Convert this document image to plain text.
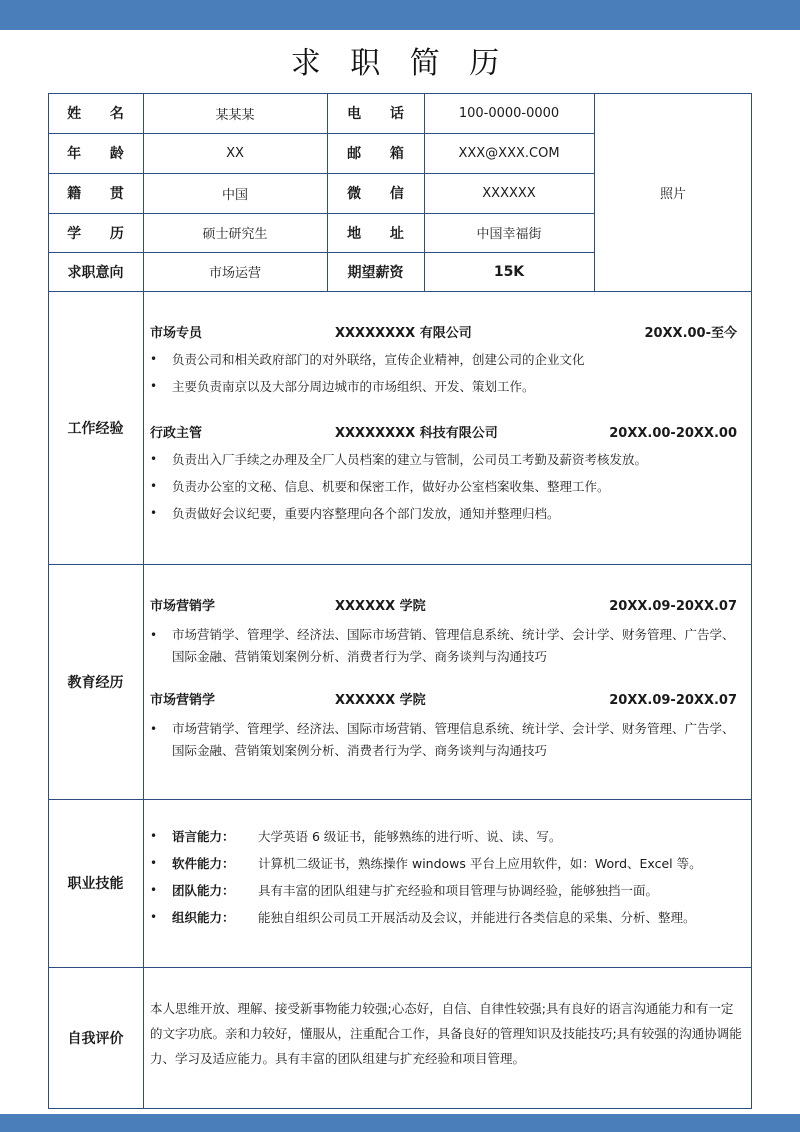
求 职 简 历
姓 名	某某某	电 话	100-0000-0000
年 龄	XX	邮 箱	XXX@XXX.COM
籍 贯	中国	微 信	XXXXXX
学 历	硕士研究生	地 址	中国幸福街
求职意向	市场运营	期望薪资	15K
照片
工作经验
市场专员	XXXXXXXX 有限公司	20XX.00-至今
• 负责公司和相关政府部门的对外联络，宣传企业精神，创建公司的企业文化
• 主要负责南京以及大部分周边城市的市场组织、开发、策划工作。
行政主管	XXXXXXXX 科技有限公司	20XX.00-20XX.00
• 负责出入厂手续之办理及全厂人员档案的建立与管制，公司员工考勤及薪资考核发放。
• 负责办公室的文秘、信息、机要和保密工作，做好办公室档案收集、整理工作。
• 负责做好会议纪要，重要内容整理向各个部门发放，通知并整理归档。
教育经历
市场营销学	XXXXXX 学院	20XX.09-20XX.07
• 市场营销学、管理学、经济法、国际市场营销、管理信息系统、统计学、会计学、财务管理、广告学、国际金融、营销策划案例分析、消费者行为学、商务谈判与沟通技巧
市场营销学	XXXXXX 学院	20XX.09-20XX.07
• 市场营销学、管理学、经济法、国际市场营销、管理信息系统、统计学、会计学、财务管理、广告学、国际金融、营销策划案例分析、消费者行为学、商务谈判与沟通技巧
职业技能
• 语言能力： 大学英语 6 级证书，能够熟练的进行听、说、读、写。
• 软件能力： 计算机二级证书，熟练操作 windows 平台上应用软件，如：Word、Excel 等。
• 团队能力： 具有丰富的团队组建与扩充经验和项目管理与协调经验，能够独挡一面。
• 组织能力： 能独自组织公司员工开展活动及会议，并能进行各类信息的采集、分析、整理。
自我评价
本人思维开放、理解、接受新事物能力较强;心态好，自信、自律性较强;具有良好的语言沟通能力和有一定的文字功底。亲和力较好，懂服从，注重配合工作，具备良好的管理知识及技能技巧;具有较强的沟通协调能力、学习及适应能力。具有丰富的团队组建与扩充经验和项目管理。
